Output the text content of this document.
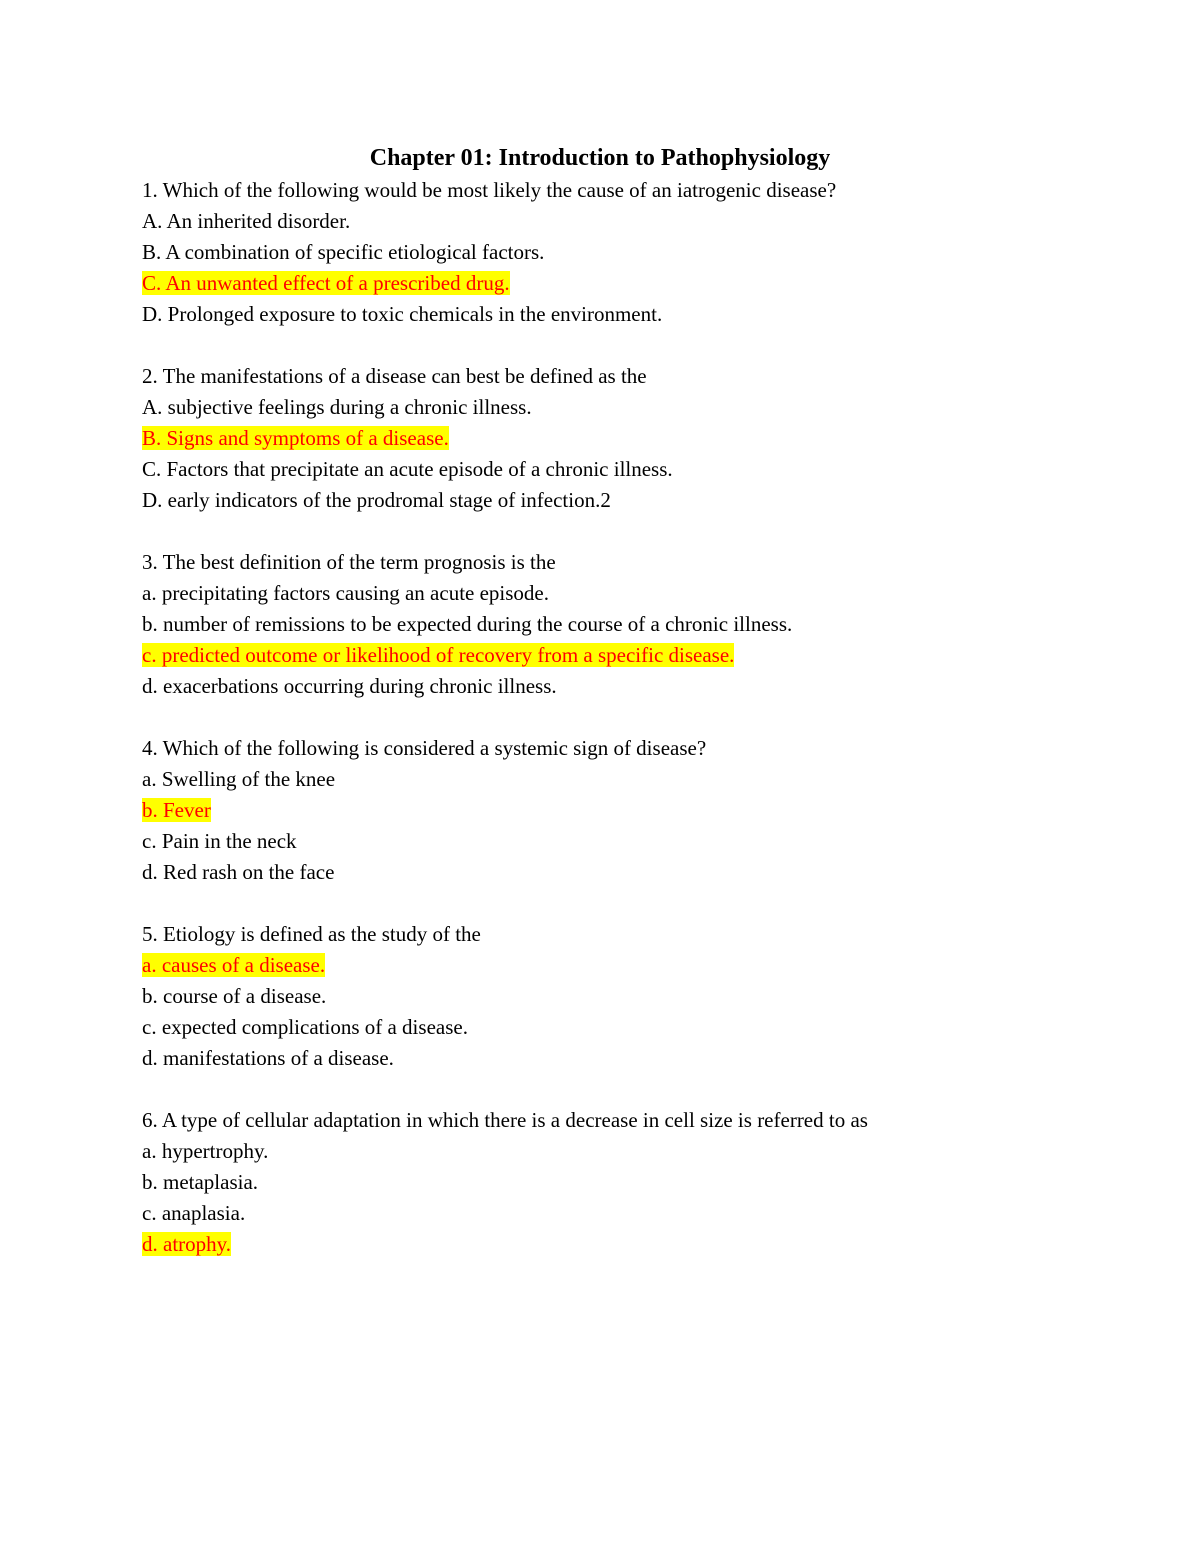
Chapter 01: Introduction to Pathophysiology
1. Which of the following would be most likely the cause of an iatrogenic disease?
A. An inherited disorder.
B. A combination of specific etiological factors.
C. An unwanted effect of a prescribed drug.
D. Prolonged exposure to toxic chemicals in the environment.
2. The manifestations of a disease can best be defined as the
A. subjective feelings during a chronic illness.
B. Signs and symptoms of a disease.
C. Factors that precipitate an acute episode of a chronic illness.
D. early indicators of the prodromal stage of infection.2
3. The best definition of the term prognosis is the
a. precipitating factors causing an acute episode.
b. number of remissions to be expected during the course of a chronic illness.
c. predicted outcome or likelihood of recovery from a specific disease.
d. exacerbations occurring during chronic illness.
4. Which of the following is considered a systemic sign of disease?
a. Swelling of the knee
b. Fever
c. Pain in the neck
d. Red rash on the face
5. Etiology is defined as the study of the
a. causes of a disease.
b. course of a disease.
c. expected complications of a disease.
d. manifestations of a disease.
6. A type of cellular adaptation in which there is a decrease in cell size is referred to as
a. hypertrophy.
b. metaplasia.
c. anaplasia.
d. atrophy.
